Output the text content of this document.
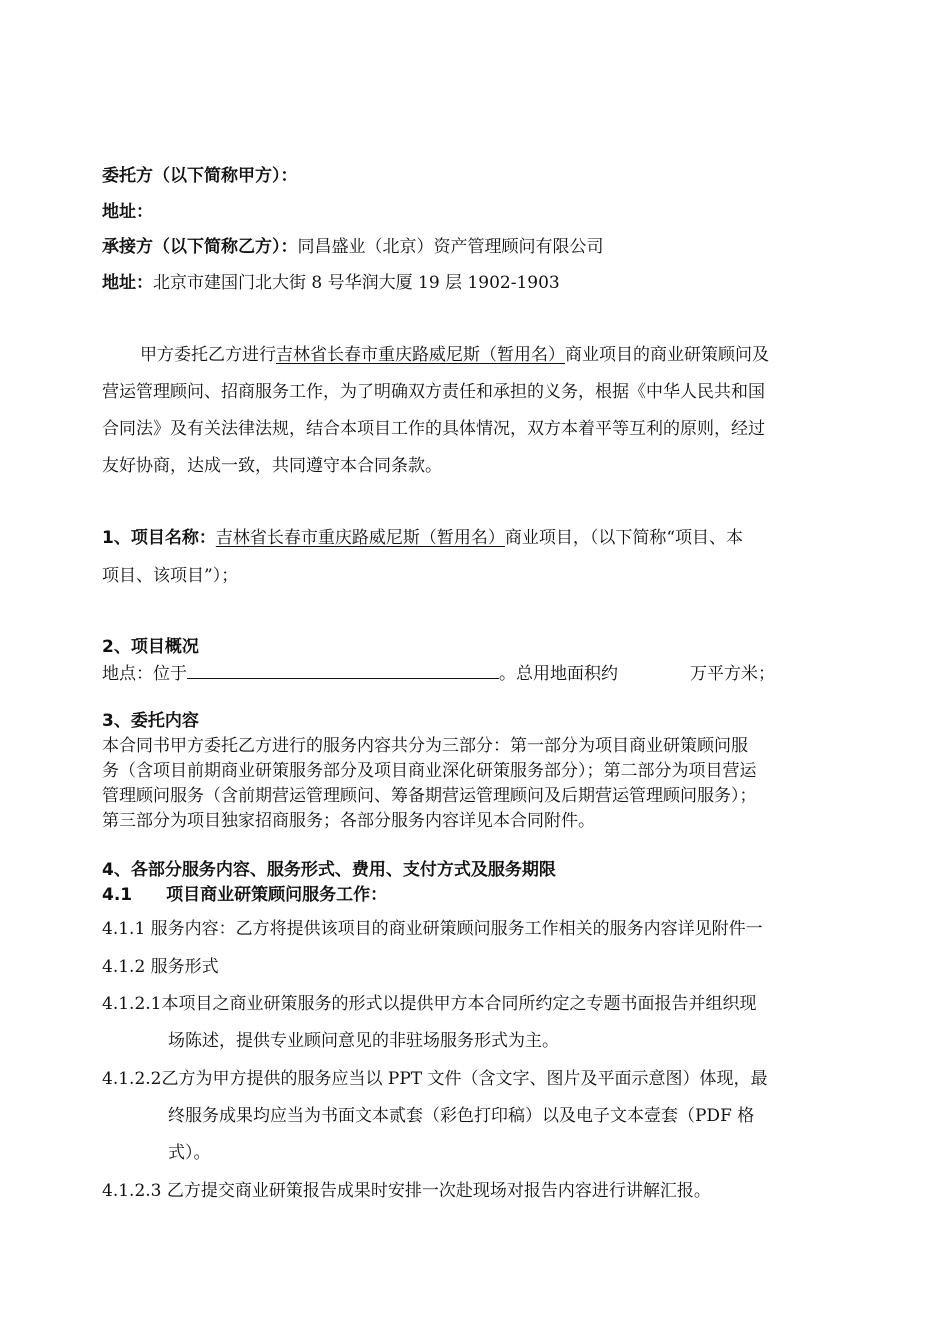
委托方（以下简称甲方）：
地址：
承接方（以下简称乙方）：同昌盛业（北京）资产管理顾问有限公司
地址：北京市建国门北大街 8 号华润大厦 19 层 1902-1903
甲方委托乙方进行吉林省长春市重庆路威尼斯（暂用名）商业项目的商业研策顾问及
营运管理顾问、招商服务工作，为了明确双方责任和承担的义务，根据《中华人民共和国
合同法》及有关法律法规，结合本项目工作的具体情况，双方本着平等互利的原则，经过
友好协商，达成一致，共同遵守本合同条款。
1、项目名称：吉林省长春市重庆路威尼斯（暂用名）商业项目，（以下简称“项目、本
项目、该项目”）；
2、项目概况
地点：位于	。总用地面积约	万平方米；
3、委托内容
本合同书甲方委托乙方进行的服务内容共分为三部分：第一部分为项目商业研策顾问服
务（含项目前期商业研策服务部分及项目商业深化研策服务部分）；第二部分为项目营运
管理顾问服务（含前期营运管理顾问、筹备期营运管理顾问及后期营运管理顾问服务）；
第三部分为项目独家招商服务；各部分服务内容详见本合同附件。
4、各部分服务内容、服务形式、费用、支付方式及服务期限
4.1 项目商业研策顾问服务工作：
4.1.1 服务内容：乙方将提供该项目的商业研策顾问服务工作相关的服务内容详见附件一
4.1.2 服务形式
4.1.2.1本项目之商业研策服务的形式以提供甲方本合同所约定之专题书面报告并组织现
场陈述，提供专业顾问意见的非驻场服务形式为主。
4.1.2.2乙方为甲方提供的服务应当以 PPT 文件（含文字、图片及平面示意图）体现，最
终服务成果均应当为书面文本贰套（彩色打印稿）以及电子文本壹套（PDF 格
式）。
4.1.2.3 乙方提交商业研策报告成果时安排一次赴现场对报告内容进行讲解汇报。
